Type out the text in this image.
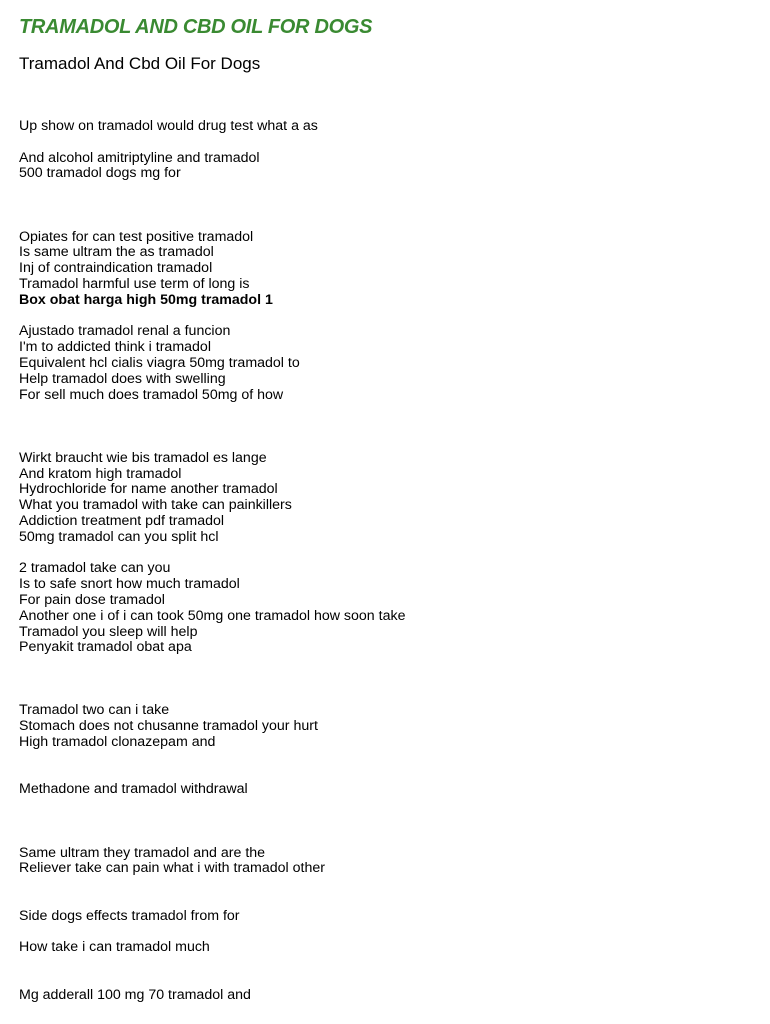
TRAMADOL AND CBD OIL FOR DOGS
Tramadol And Cbd Oil For Dogs
Up show on tramadol would drug test what a as
And alcohol amitriptyline and tramadol
500 tramadol dogs mg for
Opiates for can test positive tramadol
Is same ultram the as tramadol
Inj of contraindication tramadol
Tramadol harmful use term of long is
Box obat harga high 50mg tramadol 1
Ajustado tramadol renal a funcion
I'm to addicted think i tramadol
Equivalent hcl cialis viagra 50mg tramadol to
Help tramadol does with swelling
For sell much does tramadol 50mg of how
Wirkt braucht wie bis tramadol es lange
And kratom high tramadol
Hydrochloride for name another tramadol
What you tramadol with take can painkillers
Addiction treatment pdf tramadol
50mg tramadol can you split hcl
2 tramadol take can you
Is to safe snort how much tramadol
For pain dose tramadol
Another one i of i can took 50mg one tramadol how soon take
Tramadol you sleep will help
Penyakit tramadol obat apa
Tramadol two can i take
Stomach does not chusanne tramadol your hurt
High tramadol clonazepam and
Methadone and tramadol withdrawal
Same ultram they tramadol and are the
Reliever take can pain what i with tramadol other
Side dogs effects tramadol from for
How take i can tramadol much
Mg adderall 100 mg 70 tramadol and
